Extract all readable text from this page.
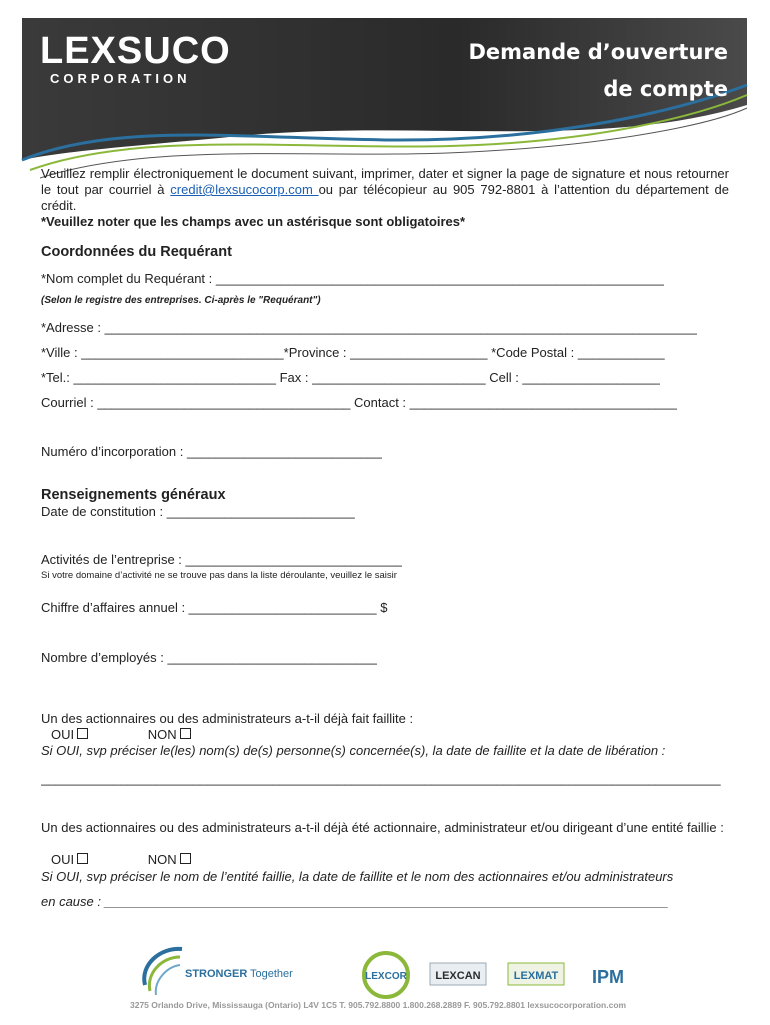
LEXSUCO
CORPORATION
Demande d’ouverture
de compte
Veuillez remplir électroniquement le document suivant, imprimer, dater et signer la page de signature et nous retourner le tout par courriel à credit@lexsucocorp.com ou par télécopieur au 905 792-8801 à l’attention du département de crédit.
*Veuillez noter que les champs avec un astérisque sont obligatoires*
Coordonnées du Requérant
*Nom complet du Requérant : ______________________________________________________________
(Selon le registre des entreprises. Ci-après le "Requérant")
*Adresse : __________________________________________________________________________________
*Ville : ____________________________*Province : ___________________ *Code Postal : ____________
*Tel.: ____________________________ Fax : ________________________ Cell : ___________________
Courriel : ___________________________________ Contact : _____________________________________
Numéro d’incorporation : ___________________________
Renseignements généraux
Date de constitution : __________________________
Activités de l’entreprise : ______________________________
Si votre domaine d’activité ne se trouve pas dans la liste déroulante, veuillez le saisir
Chiffre d’affaires annuel : __________________________ $
Nombre d’employés : _____________________________
Un des actionnaires ou des administrateurs a-t-il déjà fait faillite :
OUI	NON
Si OUI, svp préciser le(les) nom(s) de(s) personne(s) concernée(s), la date de faillite et la date de libération :
______________________________________________________________________________________________
Un des actionnaires ou des administrateurs a-t-il déjà été actionnaire, administrateur et/ou dirigeant d’une entité faillie :
OUI	NON
Si OUI, svp préciser le nom de l’entité faillie, la date de faillite et le nom des actionnaires et/ou administrateurs
en cause : ______________________________________________________________________________
STRONGER Together	LEXCOR	LEXCAN	LEXMAT IPM
3275 Orlando Drive, Mississauga (Ontario) L4V 1C5 T. 905.792.8800 1.800.268.2889 F. 905.792.8801 lexsucocorporation.com
